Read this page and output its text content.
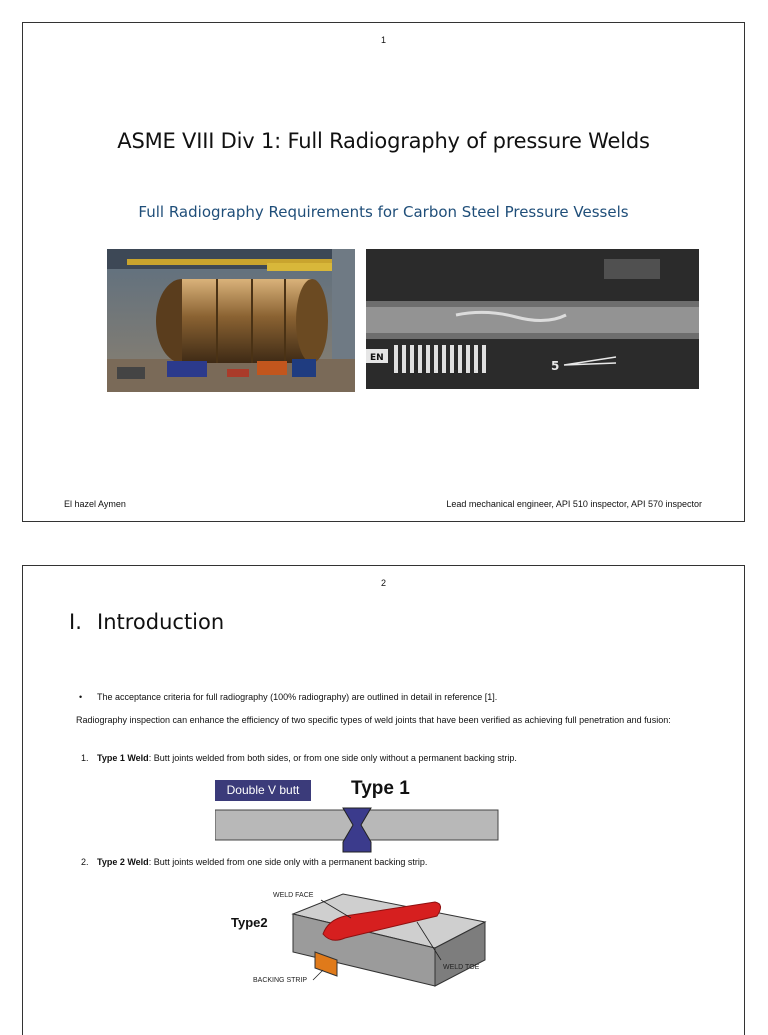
1
ASME VIII Div 1: Full Radiography of pressure Welds
Full Radiography Requirements for Carbon Steel Pressure Vessels
EN
5
El hazel Aymen	Lead mechanical engineer, API 510 inspector, API 570 inspector
2
I. Introduction
• The acceptance criteria for full radiography (100% radiography) are outlined in detail in reference [1].
Radiography inspection can enhance the efficiency of two specific types of weld joints that have been verified as achieving full penetration and fusion:
1. Type 1 Weld: Butt joints welded from both sides, or from one side only without a permanent backing strip.
Double V butt	Type 1
2. Type 2 Weld: Butt joints welded from one side only with a permanent backing strip.
WELD FACE
Type2
WELD TOE
BACKING STRIP
